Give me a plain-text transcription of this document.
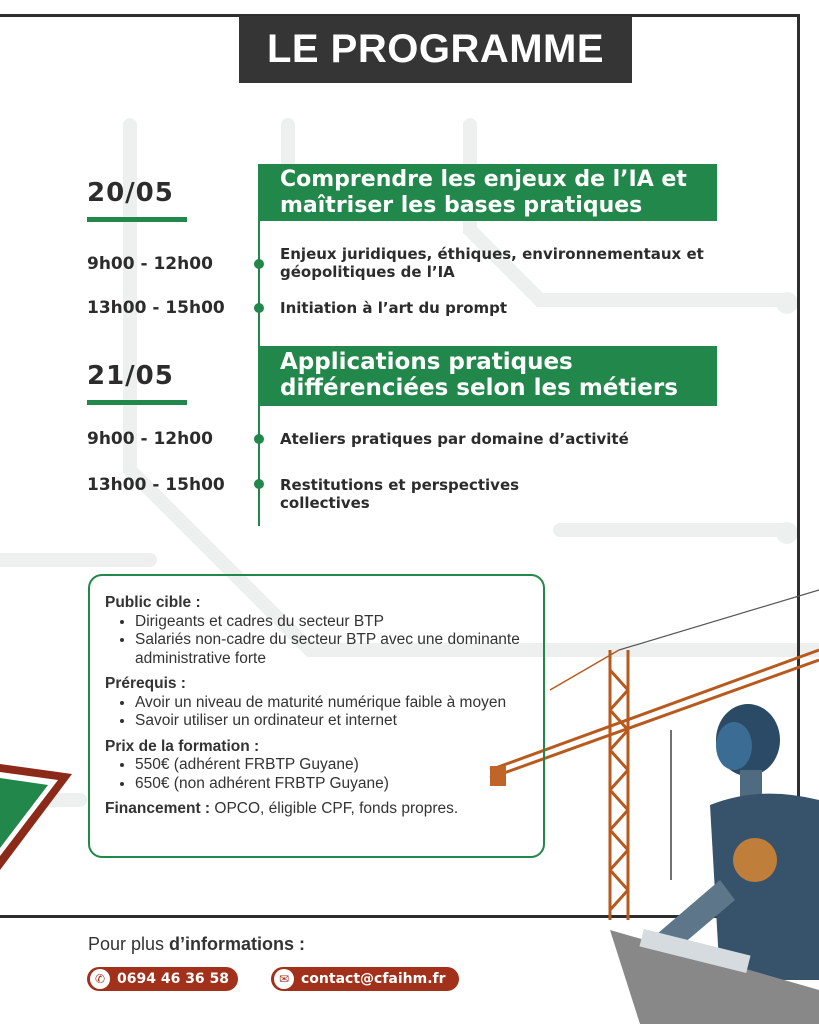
LE PROGRAMME
20/05	Comprendre les enjeux de l’IA et
maîtriser les bases pratiques
9h00 - 12h00	Enjeux juridiques, éthiques, environnementaux et
géopolitiques de l’IA
13h00 - 15h00	Initiation à l’art du prompt
21/05	Applications pratiques
différenciées selon les métiers
9h00 - 12h00	Ateliers pratiques par domaine d’activité
13h00 - 15h00	Restitutions et perspectives
collectives
Public cible :
• Dirigeants et cadres du secteur BTP
• Salariés non-cadre du secteur BTP avec une dominante administrative forte
Prérequis :
• Avoir un niveau de maturité numérique faible à moyen
• Savoir utiliser un ordinateur et internet
Prix de la formation :
• 550€ (adhérent FRBTP Guyane)
• 650€ (non adhérent FRBTP Guyane)
Financement : OPCO, éligible CPF, fonds propres.
Pour plus d’informations :
✆ 0694 46 36 58	✉ contact@cfaihm.fr
